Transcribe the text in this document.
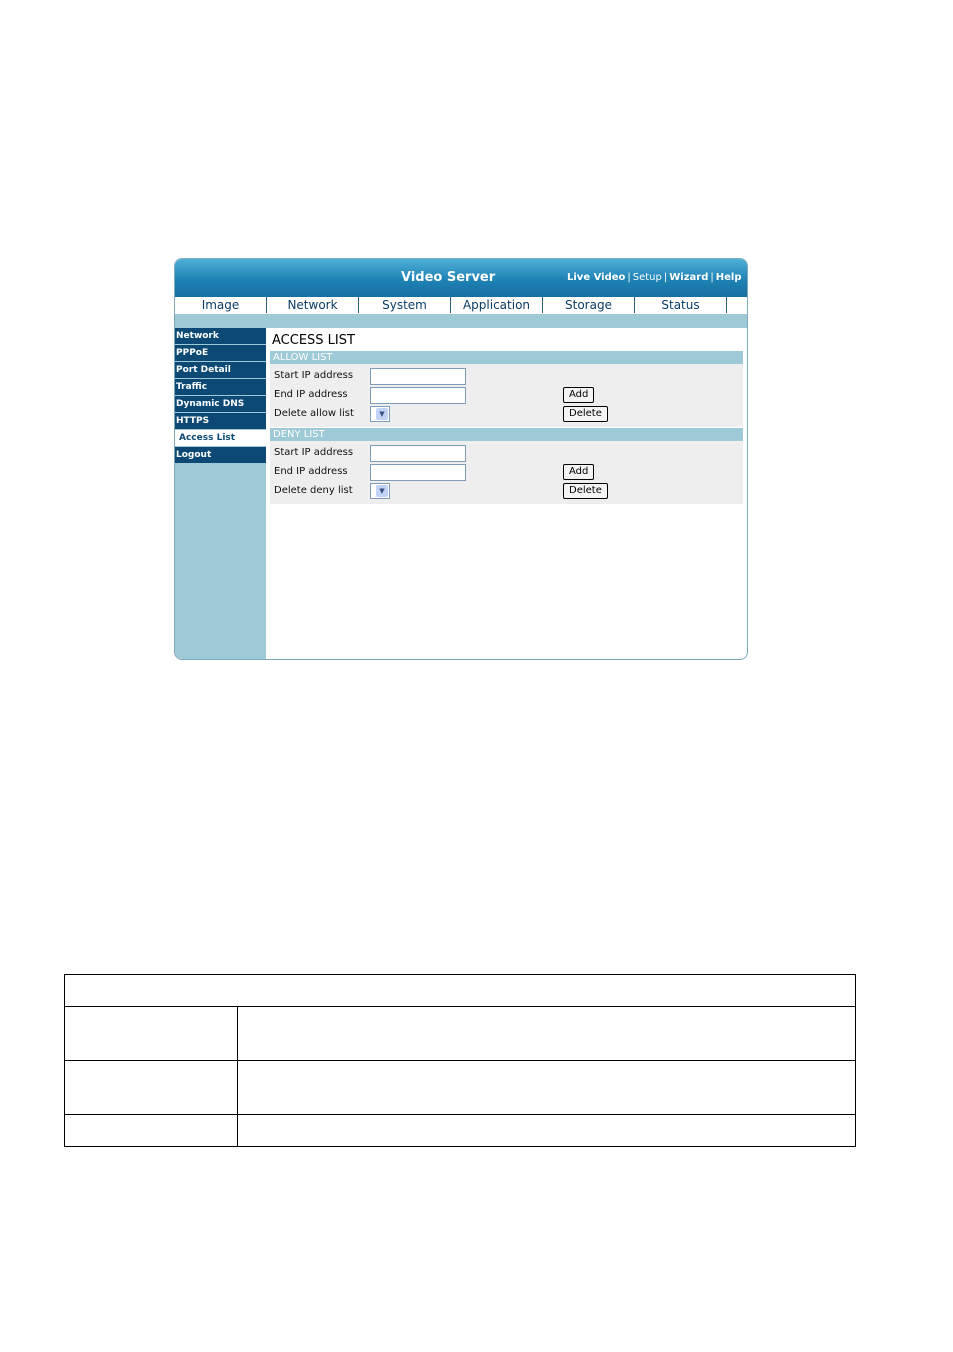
Video Server	Live Video | Setup | Wizard | Help
Image	Network	System	Application	Storage	Status
Network
PPPoE
Port Detail
Traffic
Dynamic DNS
HTTPS
Access List
Logout
ACCESS LIST
ALLOW LIST
Start IP address
End IP address	Add
Delete allow list	▼	Delete
DENY LIST
Start IP address
End IP address	Add
Delete deny list	▼	Delete
